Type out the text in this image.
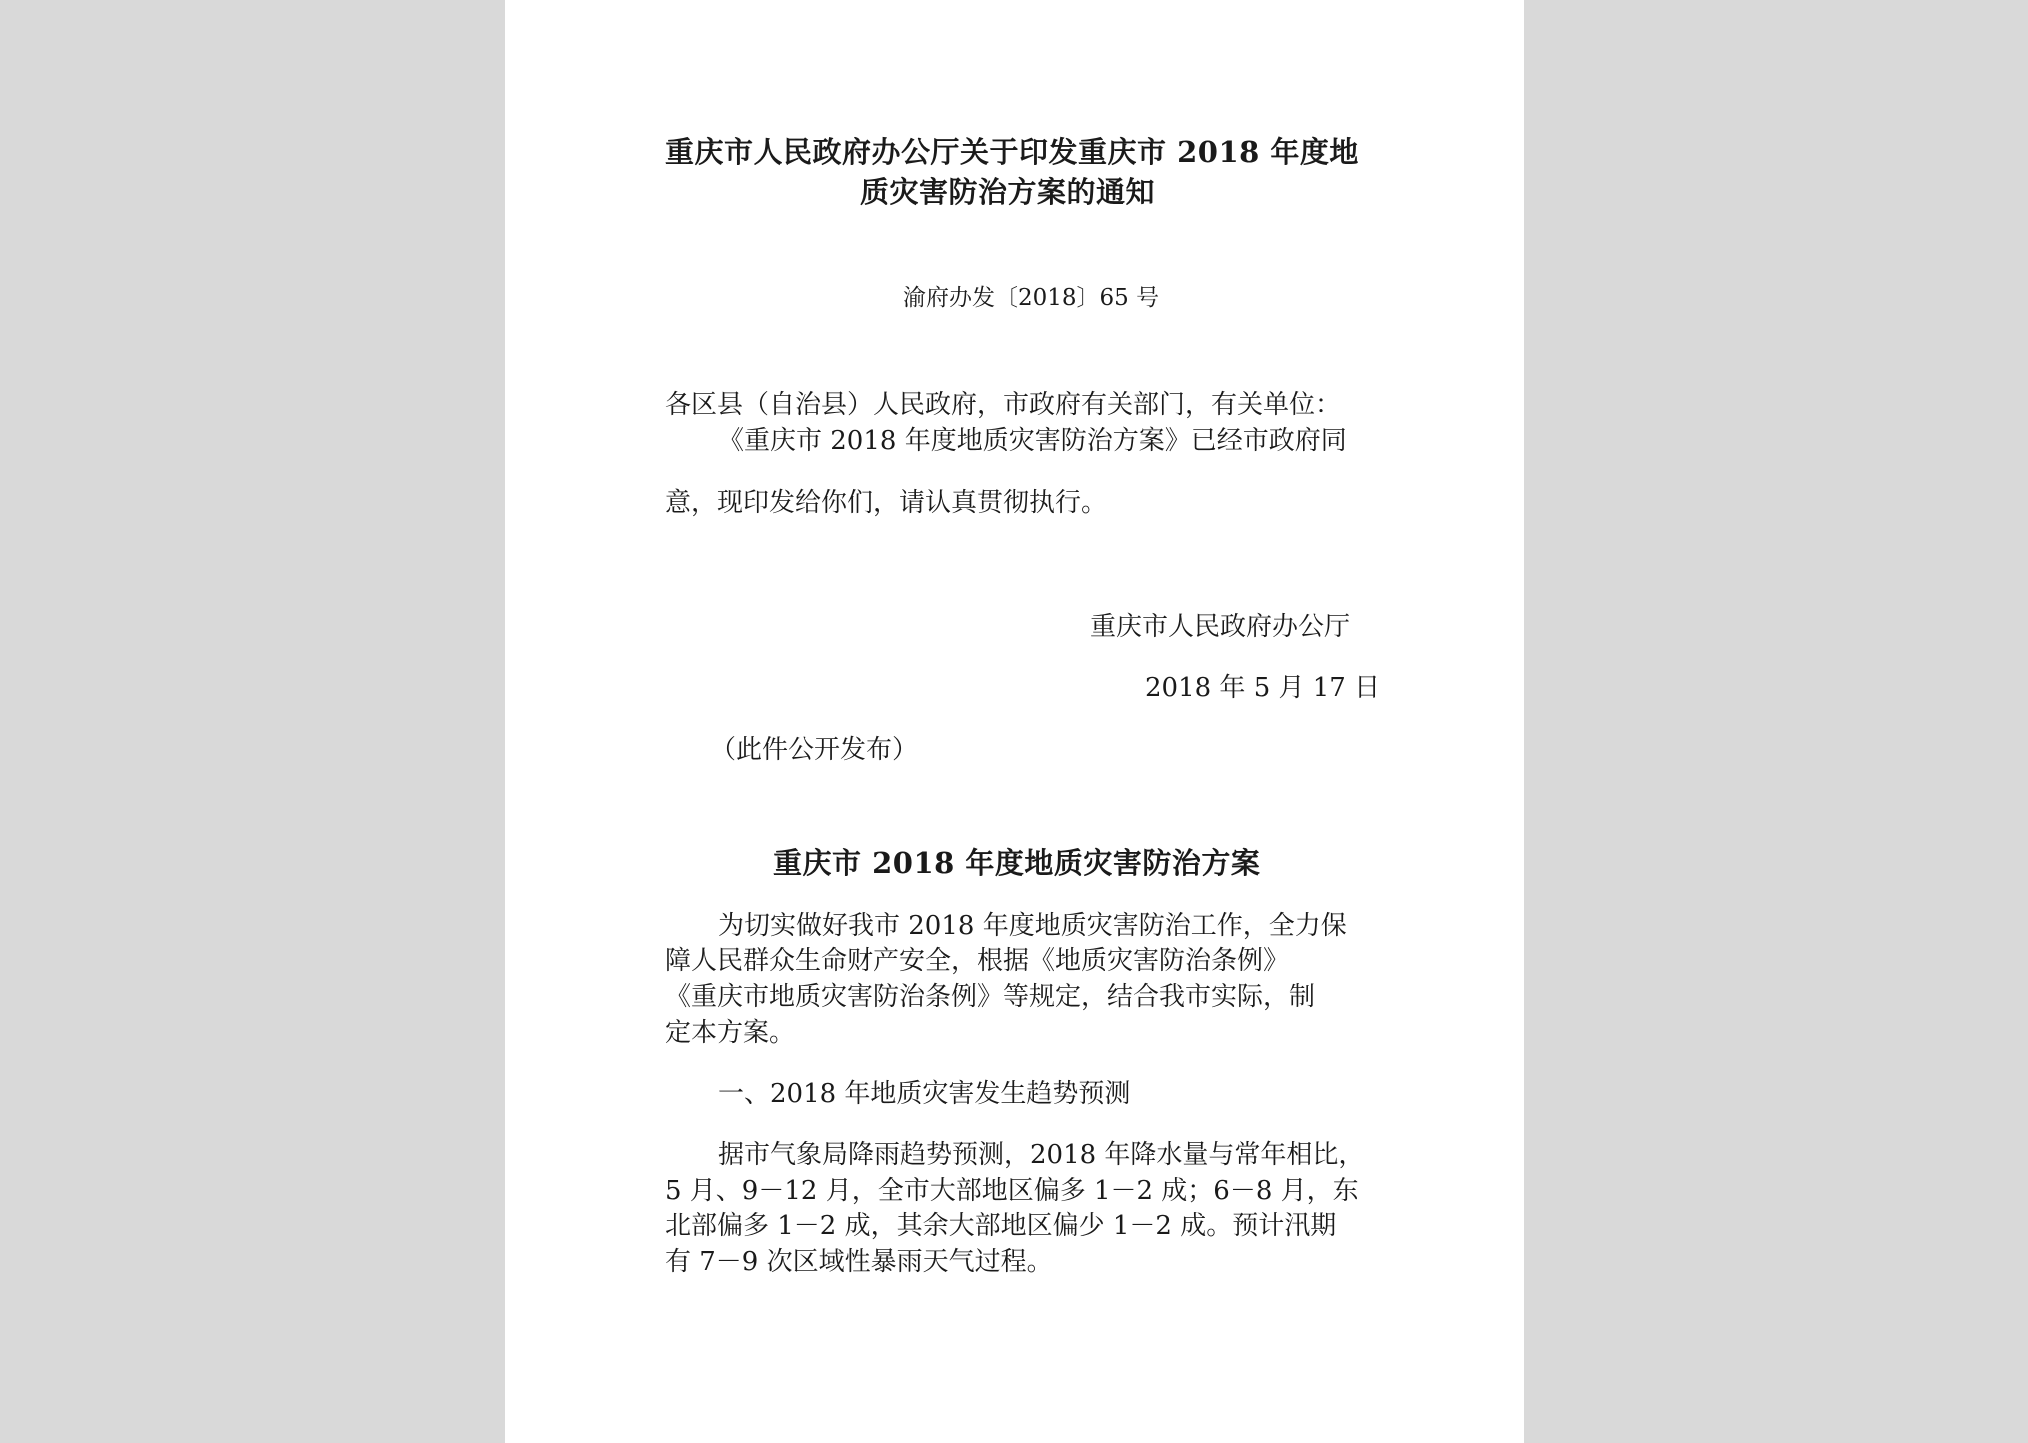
重庆市人民政府办公厅关于印发重庆市 2018 年度地
质灾害防治方案的通知
渝府办发〔2018〕65 号
各区县（自治县）人民政府，市政府有关部门，有关单位：
《重庆市 2018 年度地质灾害防治方案》已经市政府同
意，现印发给你们，请认真贯彻执行。
重庆市人民政府办公厅
2018 年 5 月 17 日
（此件公开发布）
重庆市 2018 年度地质灾害防治方案
为切实做好我市 2018 年度地质灾害防治工作，全力保
障人民群众生命财产安全，根据《地质灾害防治条例》
《重庆市地质灾害防治条例》等规定，结合我市实际，制
定本方案。
一、2018 年地质灾害发生趋势预测
据市气象局降雨趋势预测，2018 年降水量与常年相比，
5 月、9－12 月，全市大部地区偏多 1－2 成；6－8 月，东
北部偏多 1－2 成，其余大部地区偏少 1－2 成。预计汛期
有 7－9 次区域性暴雨天气过程。
